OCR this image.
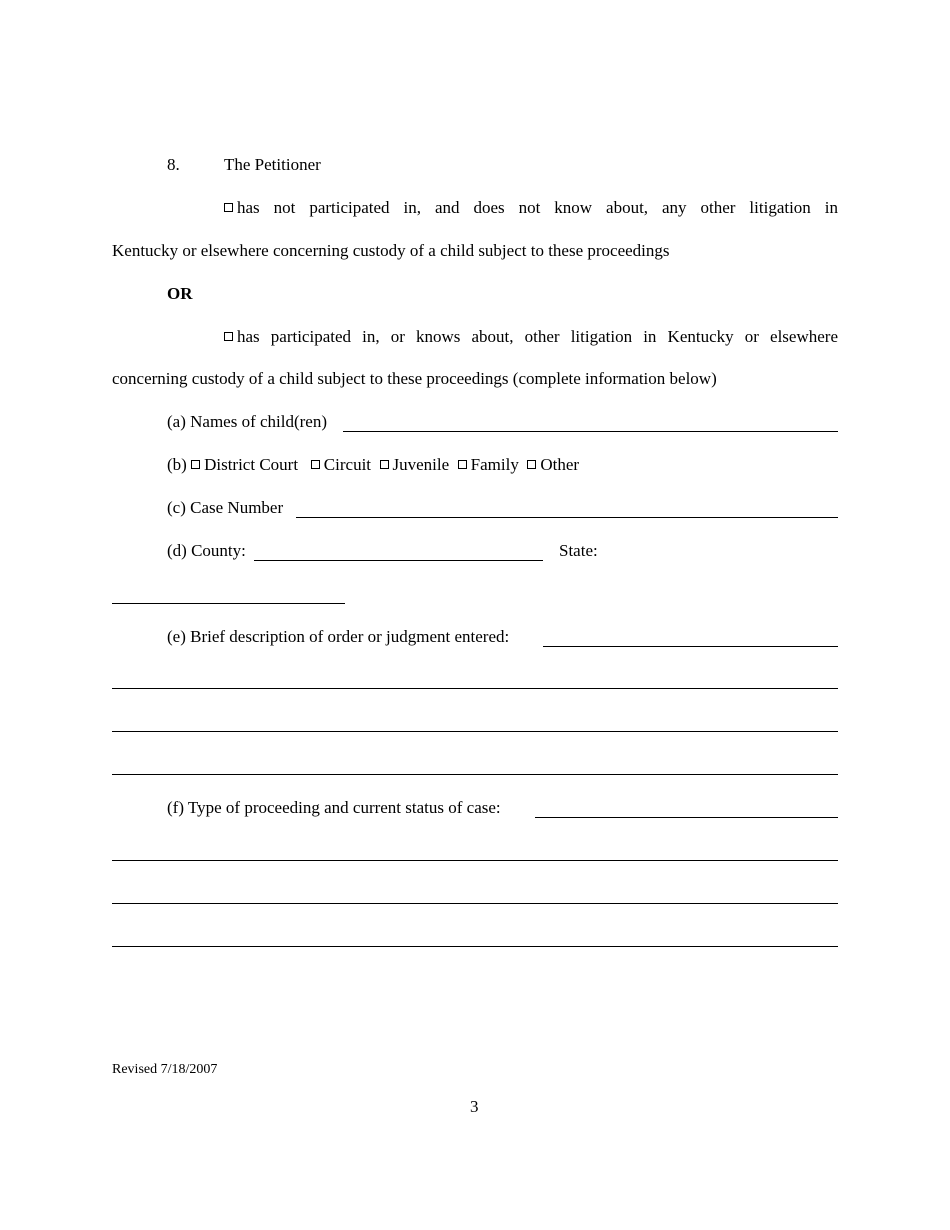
8.	The Petitioner
has not participated in, and does not know about, any other litigation in
Kentucky or elsewhere concerning custody of a child subject to these proceedings
OR
has participated in, or knows about, other litigation in Kentucky or elsewhere
concerning custody of a child subject to these proceedings (complete information below)
(a) Names of child(ren)
(b) District Court Circuit Juvenile Family Other
(c) Case Number
(d) County:	State:
(e) Brief description of order or judgment entered:
(f) Type of proceeding and current status of case:
Revised 7/18/2007
3
